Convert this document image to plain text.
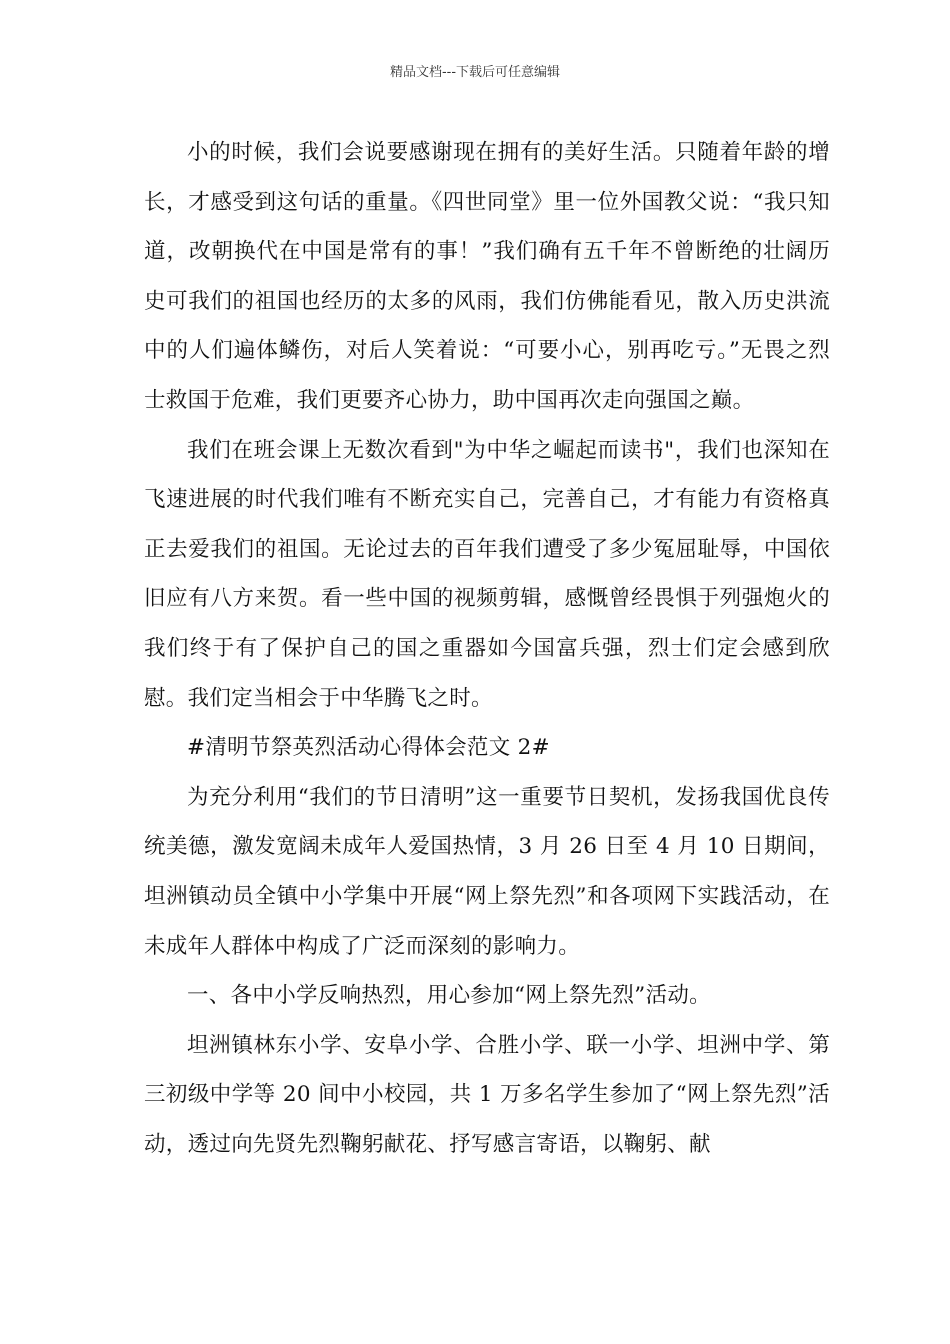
精品文档---下载后可任意编辑

小的时候，我们会说要感谢现在拥有的美好生活。只随着年龄的增长，才感受到这句话的重量。《四世同堂》里一位外国教父说：“我只知道，改朝换代在中国是常有的事！”我们确有五千年不曾断绝的壮阔历史可我们的祖国也经历的太多的风雨，我们仿佛能看见，散入历史洪流中的人们遍体鳞伤，对后人笑着说：“可要小心，别再吃亏。”无畏之烈士救国于危难，我们更要齐心协力，助中国再次走向强国之巅。

我们在班会课上无数次看到"为中华之崛起而读书"，我们也深知在飞速进展的时代我们唯有不断充实自己，完善自己，才有能力有资格真正去爱我们的祖国。无论过去的百年我们遭受了多少冤屈耻辱，中国依旧应有八方来贺。看一些中国的视频剪辑，感慨曾经畏惧于列强炮火的我们终于有了保护自己的国之重器如今国富兵强，烈士们定会感到欣慰。我们定当相会于中华腾飞之时。

#清明节祭英烈活动心得体会范文 2#

为充分利用“我们的节日清明”这一重要节日契机，发扬我国优良传统美德，激发宽阔未成年人爱国热情，3 月 26 日至 4 月 10 日期间，坦洲镇动员全镇中小学集中开展“网上祭先烈”和各项网下实践活动，在未成年人群体中构成了广泛而深刻的影响力。

一、各中小学反响热烈，用心参加“网上祭先烈”活动。

坦洲镇林东小学、安阜小学、合胜小学、联一小学、坦洲中学、第三初级中学等 20 间中小校园，共 1 万多名学生参加了“网上祭先烈”活动，透过向先贤先烈鞠躬献花、抒写感言寄语，以鞠躬、献
